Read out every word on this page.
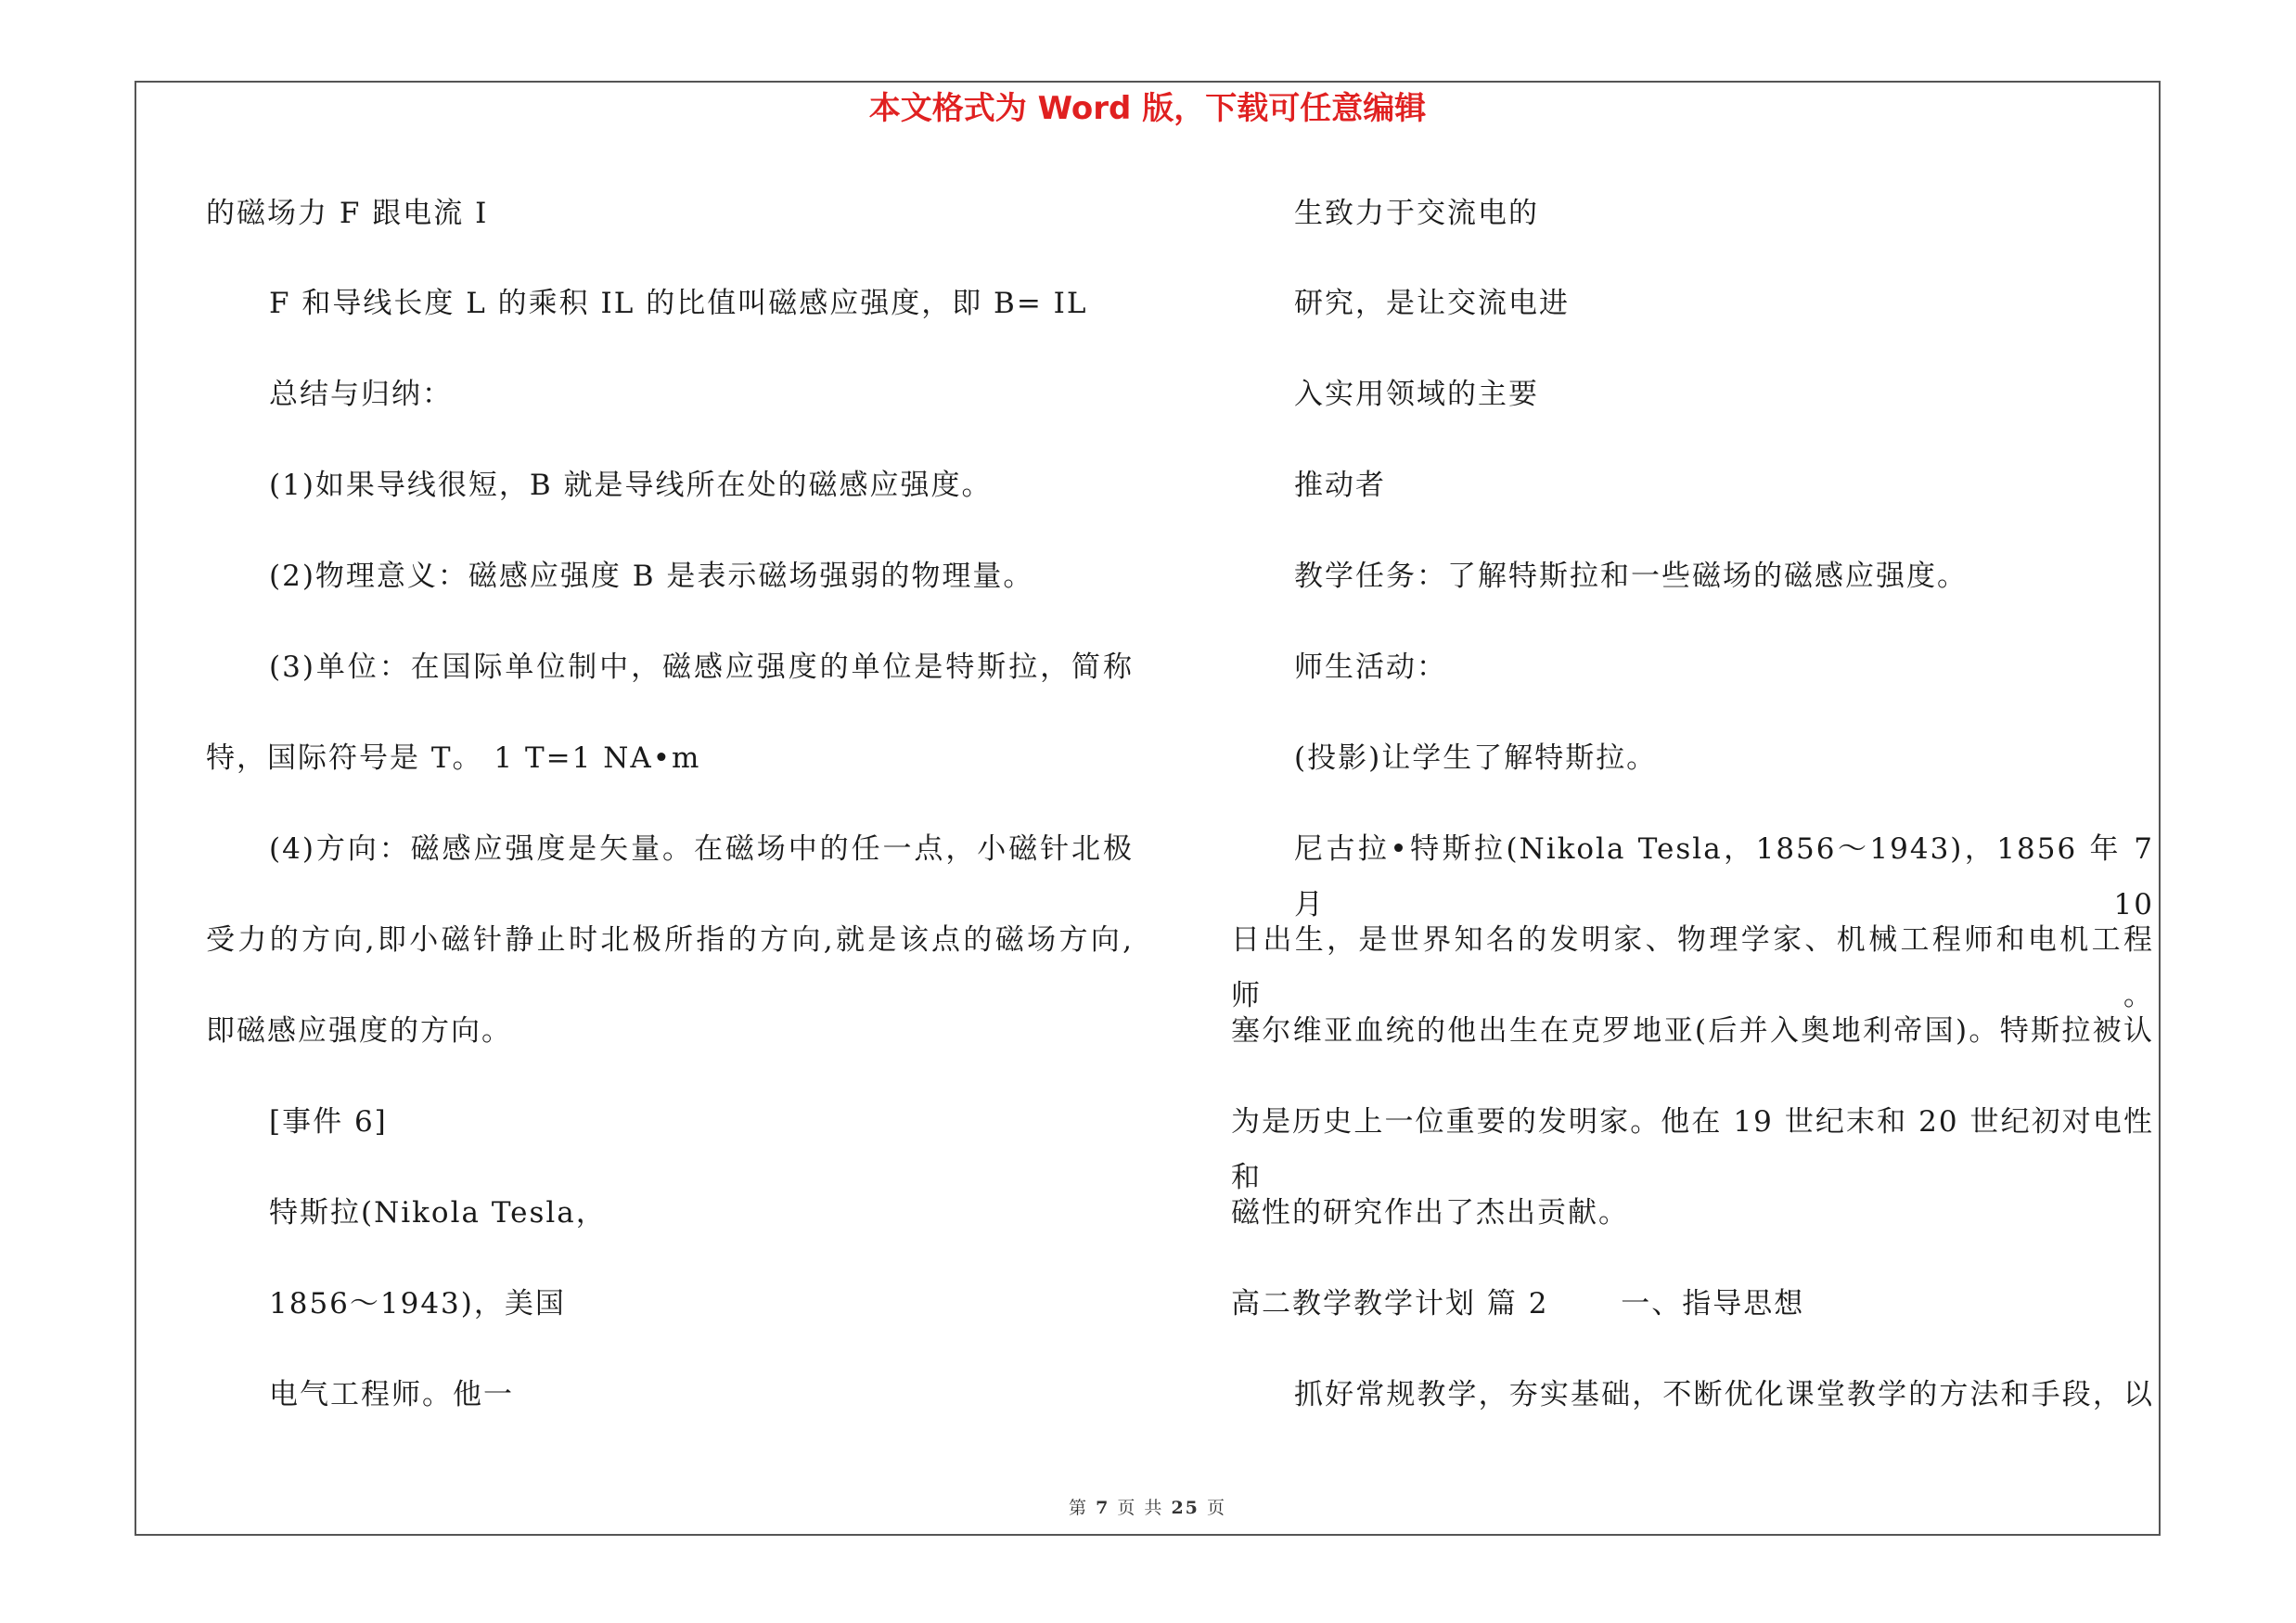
本文格式为 Word 版，下载可任意编辑
的磁场力 F 跟电流 I
F 和导线长度 L 的乘积 IL 的比值叫磁感应强度，即 B= IL
总结与归纳：
(1)如果导线很短，B 就是导线所在处的磁感应强度。
(2)物理意义：磁感应强度 B 是表示磁场强弱的物理量。
(3)单位：在国际单位制中，磁感应强度的单位是特斯拉，简称
特，国际符号是 T。 1 T=1 NA•m
(4)方向：磁感应强度是矢量。在磁场中的任一点，小磁针北极
受力的方向,即小磁针静止时北极所指的方向,就是该点的磁场方向,
即磁感应强度的方向。
[事件 6]
特斯拉(Nikola Tesla，
1856～1943)，美国
电气工程师。他一
生致力于交流电的
研究，是让交流电进
入实用领域的主要
推动者
教学任务：了解特斯拉和一些磁场的磁感应强度。
师生活动：
(投影)让学生了解特斯拉。
尼古拉•特斯拉(Nikola Tesla，1856～1943)，1856 年 7 月 10
日出生，是世界知名的发明家、物理学家、机械工程师和电机工程师。
塞尔维亚血统的他出生在克罗地亚(后并入奥地利帝国)。特斯拉被认
为是历史上一位重要的发明家。他在 19 世纪末和 20 世纪初对电性和
磁性的研究作出了杰出贡献。
高二教学教学计划 篇 2 　　一、指导思想
抓好常规教学，夯实基础，不断优化课堂教学的方法和手段，以
第 7 页 共 25 页
